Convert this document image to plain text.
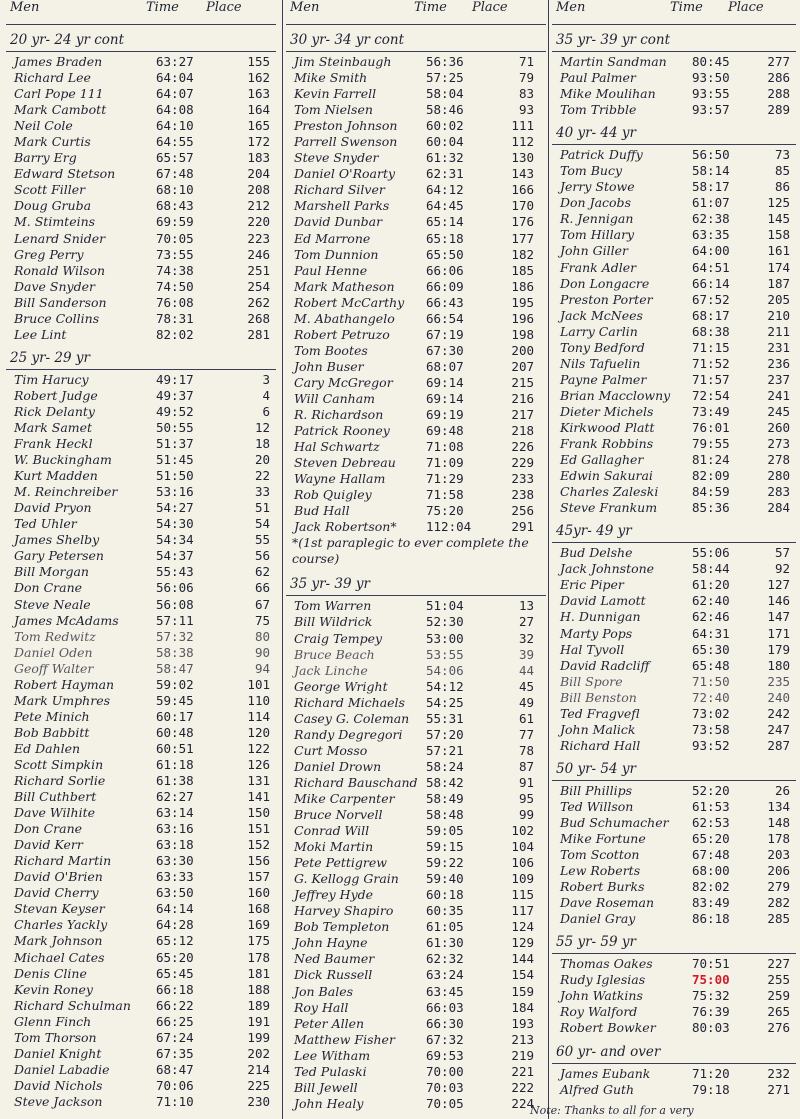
Men	Time Place
20 yr- 24 yr cont
James Braden	63:27	155
Richard Lee	64:04	162
Carl Pope 111	64:07	163
Mark Cambott	64:08	164
Neil Cole	64:10	165
Mark Curtis	64:55	172
Barry Erg	65:57	183
Edward Stetson	67:48	204
Scott Filler	68:10	208
Doug Gruba	68:43	212
M. Stimteins	69:59	220
Lenard Snider	70:05	223
Greg Perry	73:55	246
Ronald Wilson	74:38	251
Dave Snyder	74:50	254
Bill Sanderson	76:08	262
Bruce Collins	78:31	268
Lee Lint	82:02	281
25 yr- 29 yr
Tim Harucy	49:17	3
Robert Judge	49:37	4
Rick Delanty	49:52	6
Mark Samet	50:55	12
Frank Heckl	51:37	18
W. Buckingham	51:45	20
Kurt Madden	51:50	22
M. Reinchreiber	53:16	33
David Pryon	54:27	51
Ted Uhler	54:30	54
James Shelby	54:34	55
Gary Petersen	54:37	56
Bill Morgan	55:43	62
Don Crane	56:06	66
Steve Neale	56:08	67
James McAdams	57:11	75
Tom Redwitz	57:32	80
Daniel Oden	58:38	90
Geoff Walter	58:47	94
Robert Hayman	59:02	101
Mark Umphres	59:45	110
Pete Minich	60:17	114
Bob Babbitt	60:48	120
Ed Dahlen	60:51	122
Scott Simpkin	61:18	126
Richard Sorlie	61:38	131
Bill Cuthbert	62:27	141
Dave Wilhite	63:14	150
Don Crane	63:16	151
David Kerr	63:18	152
Richard Martin	63:30	156
David O'Brien	63:33	157
David Cherry	63:50	160
Stevan Keyser	64:14	168
Charles Yackly	64:28	169
Mark Johnson	65:12	175
Michael Cates	65:20	178
Denis Cline	65:45	181
Kevin Roney	66:18	188
Richard Schulman 66:22	189
Glenn Finch	66:25	191
Tom Thorson	67:24	199
Daniel Knight	67:35	202
Daniel Labadie	68:47	214
David Nichols	70:06	225
Steve Jackson	71:10	230
Men	Time Place
30 yr- 34 yr cont
Jim Steinbaugh	56:36	71
Mike Smith	57:25	79
Kevin Farrell	58:04	83
Tom Nielsen	58:46	93
Preston Johnson 60:02	111
Parrell Swenson 60:04	112
Steve Snyder	61:32	130
Daniel O'Roarty 62:31	143
Richard Silver	64:12	166
Marshell Parks	64:45	170
David Dunbar	65:14	176
Ed Marrone	65:18	177
Tom Dunnion	65:50	182
Paul Henne	66:06	185
Mark Matheson	66:09	186
Robert McCarthy 66:43	195
M. Abathangelo	66:54	196
Robert Petruzo	67:19	198
Tom Bootes	67:30	200
John Buser	68:07	207
Cary McGregor	69:14	215
Will Canham	69:14	216
R. Richardson	69:19	217
Patrick Rooney	69:48	218
Hal Schwartz	71:08	226
Steven Debreau 71:09	229
Wayne Hallam	71:29	233
Rob Quigley	71:58	238
Bud Hall	75:20	256
Jack Robertson* 112:04	291
*(1st paraplegic to ever complete the course)
35 yr- 39 yr
Tom Warren	51:04	13
Bill Wildrick	52:30	27
Craig Tempey	53:00	32
Bruce Beach	53:55	39
Jack Linche	54:06	44
George Wright	54:12	45
Richard Michaels 54:25	49
Casey G. Coleman 55:31	61
Randy Degregori 57:20	77
Curt Mosso	57:21	78
Daniel Drown	58:24	87
Richard Bauschand 58:42	91
Mike Carpenter	58:49	95
Bruce Norvell	58:48	99
Conrad Will	59:05	102
Moki Martin	59:15	104
Pete Pettigrew	59:22	106
G. Kellogg Grain 59:40	109
Jeffrey Hyde	60:18	115
Harvey Shapiro	60:35	117
Bob Templeton	61:05	124
John Hayne	61:30	129
Ned Baumer	62:32	144
Dick Russell	63:24	154
Jon Bales	63:45	159
Roy Hall	66:03	184
Peter Allen	66:30	193
Matthew Fisher 67:32	213
Lee Witham	69:53	219
Ted Pulaski	70:00	221
Bill Jewell	70:03	222
John Healy	70:05	224
Men	Time Place
35 yr- 39 yr cont
Martin Sandman 80:45	277
Paul Palmer	93:50	286
Mike Moulihan	93:55	288
Tom Tribble	93:57	289
40 yr- 44 yr
Patrick Duffy	56:50	73
Tom Bucy	58:14	85
Jerry Stowe	58:17	86
Don Jacobs	61:07	125
R. Jennigan	62:38	145
Tom Hillary	63:35	158
John Giller	64:00	161
Frank Adler	64:51	174
Don Longacre	66:14	187
Preston Porter	67:52	205
Jack McNees	68:17	210
Larry Carlin	68:38	211
Tony Bedford	71:15	231
Nils Tafuelin	71:52	236
Payne Palmer	71:57	237
Brian Macclowny 72:54	241
Dieter Michels	73:49	245
Kirkwood Platt	76:01	260
Frank Robbins	79:55	273
Ed Gallagher	81:24	278
Edwin Sakurai	82:09	280
Charles Zaleski	84:59	283
Steve Frankum	85:36	284
45yr- 49 yr
Bud Delshe	55:06	57
Jack Johnstone	58:44	92
Eric Piper	61:20	127
David Lamott	62:40	146
H. Dunnigan	62:46	147
Marty Pops	64:31	171
Hal Tyvoll	65:30	179
David Radcliff	65:48	180
Bill Spore	71:50	235
Bill Benston	72:40	240
Ted Fragvefl	73:02	242
John Malick	73:58	247
Richard Hall	93:52	287
50 yr- 54 yr
Bill Phillips	52:20	26
Ted Willson	61:53	134
Bud Schumacher 62:53	148
Mike Fortune	65:20	178
Tom Scotton	67:48	203
Lew Roberts	68:00	206
Robert Burks	82:02	279
Dave Roseman	83:49	282
Daniel Gray	86:18	285
55 yr- 59 yr
Thomas Oakes	70:51	227
Rudy Iglesias	75:00	255
John Watkins	75:32	259
Roy Walford	76:39	265
Robert Bowker	80:03	276
60 yr- and over
James Eubank	71:20	232
Alfred Guth	79:18	271
Note: Thanks to all for a very
